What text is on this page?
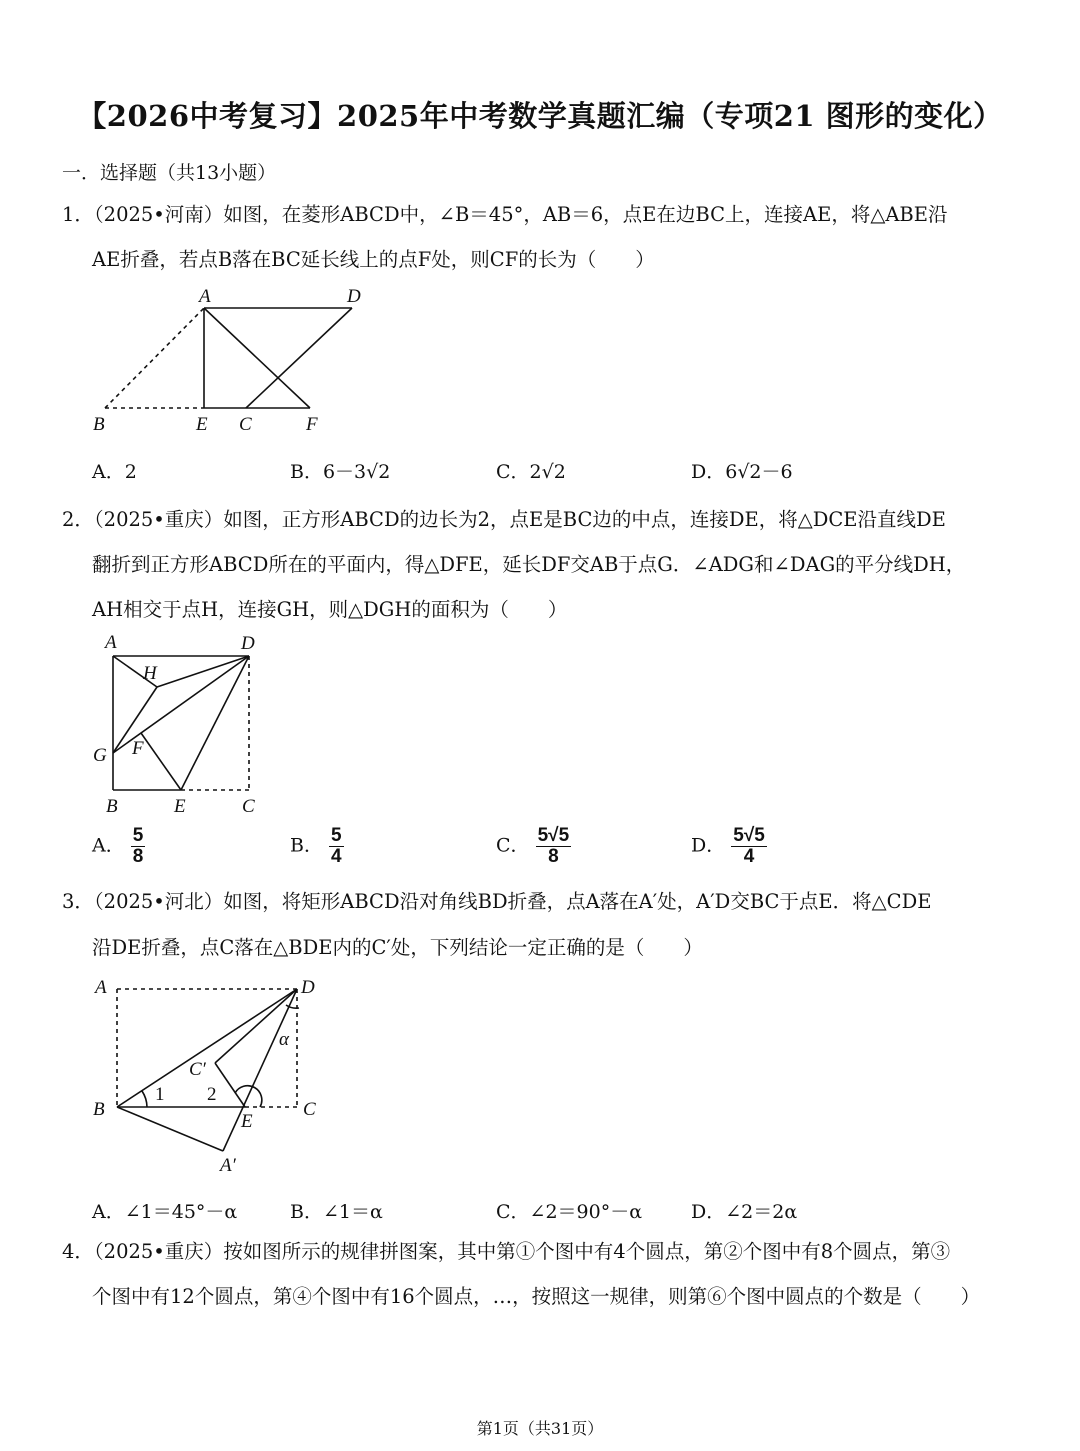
【2026中考复习】2025年中考数学真题汇编（专项21 图形的变化）
一．选择题（共13小题）
1．（2025•河南）如图，在菱形ABCD中，∠B＝45°，AB＝6，点E在边BC上，连接AE，将△ABE沿
AE折叠，若点B落在BC延长线上的点F处，则CF的长为（　　）
A	D
B	E C	F
A．2	B．6－3√2	C．2√2	D．6√2－6
2．（2025•重庆）如图，正方形ABCD的边长为2，点E是BC边的中点，连接DE，将△DCE沿直线DE
翻折到正方形ABCD所在的平面内，得△DFE，延长DF交AB于点G．∠ADG和∠DAG的平分线DH，
AH相交于点H，连接GH，则△DGH的面积为（　　）
A	D
H
G F
B	E	C
A． $\frac{5}{8}$	B． $\frac{5}{4}$	C． $\frac{5√5}{8}$	D． $\frac{5√5}{4}$
3．（2025•河北）如图，将矩形ABCD沿对角线BD折叠，点A落在A′处，A′D交BC于点E．将△CDE
沿DE折叠，点C落在△BDE内的C′处，下列结论一定正确的是（　　）
A	D
α
C′
1 2
B
E
C
A′
A．∠1＝45°－α	B．∠1＝α	C．∠2＝90°－α	D．∠2＝2α
4．（2025•重庆）按如图所示的规律拼图案，其中第①个图中有4个圆点，第②个图中有8个圆点，第③
个图中有12个圆点，第④个图中有16个圆点，…，按照这一规律，则第⑥个图中圆点的个数是（　　）
第1页（共31页）
